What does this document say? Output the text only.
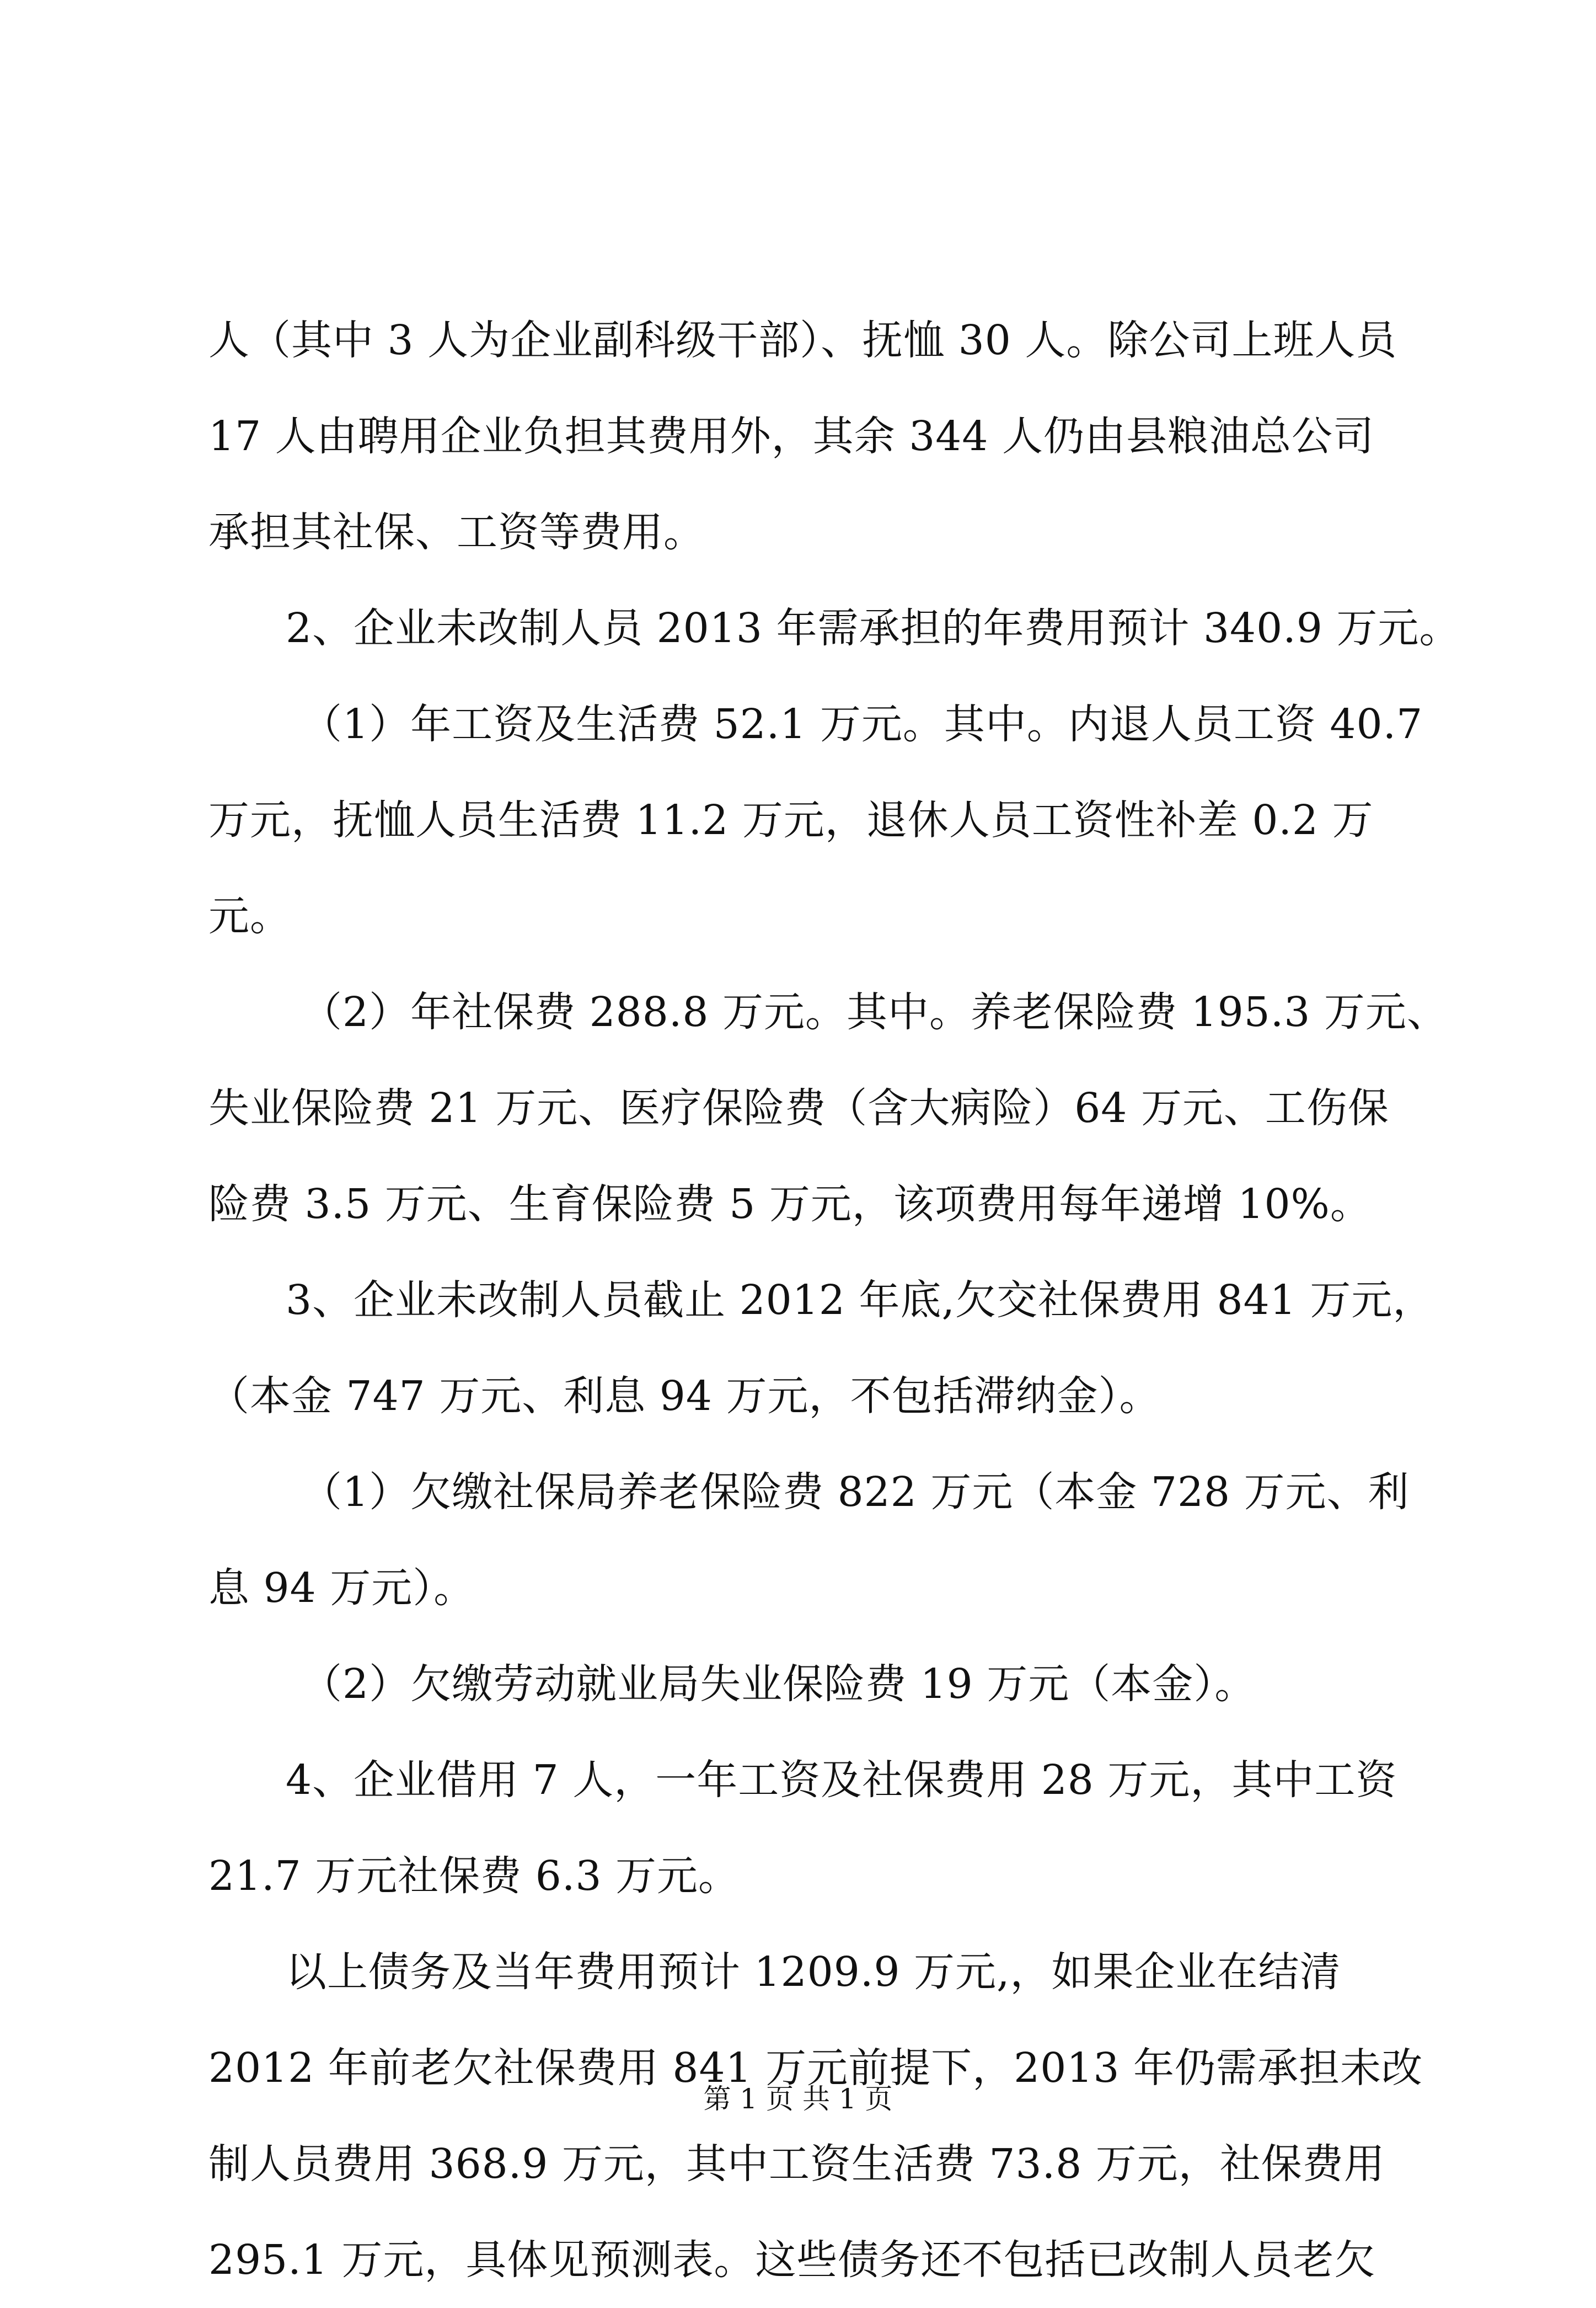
人（其中 3 人为企业副科级干部）、抚恤 30 人。除公司上班人员
17 人由聘用企业负担其费用外，其余 344 人仍由县粮油总公司
承担其社保、工资等费用。
2、企业未改制人员 2013 年需承担的年费用预计 340.9 万元。
（1）年工资及生活费 52.1 万元。其中。内退人员工资 40.7
万元，抚恤人员生活费 11.2 万元，退休人员工资性补差 0.2 万
元。
（2）年社保费 288.8 万元。其中。养老保险费 195.3 万元、
失业保险费 21 万元、医疗保险费（含大病险）64 万元、工伤保
险费 3.5 万元、生育保险费 5 万元，该项费用每年递增 10%。
3、企业未改制人员截止 2012 年底,欠交社保费用 841 万元，
（本金 747 万元、利息 94 万元，不包括滞纳金）。
（1）欠缴社保局养老保险费 822 万元（本金 728 万元、利
息 94 万元）。
（2）欠缴劳动就业局失业保险费 19 万元（本金）。
4、企业借用 7 人，一年工资及社保费用 28 万元，其中工资
21.7 万元社保费 6.3 万元。
以上债务及当年费用预计 1209.9 万元,，如果企业在结清
2012 年前老欠社保费用 841 万元前提下，2013 年仍需承担未改
制人员费用 368.9 万元，其中工资生活费 73.8 万元，社保费用
295.1 万元，具体见预测表。这些债务还不包括已改制人员老欠
第 1 页 共 1 页
